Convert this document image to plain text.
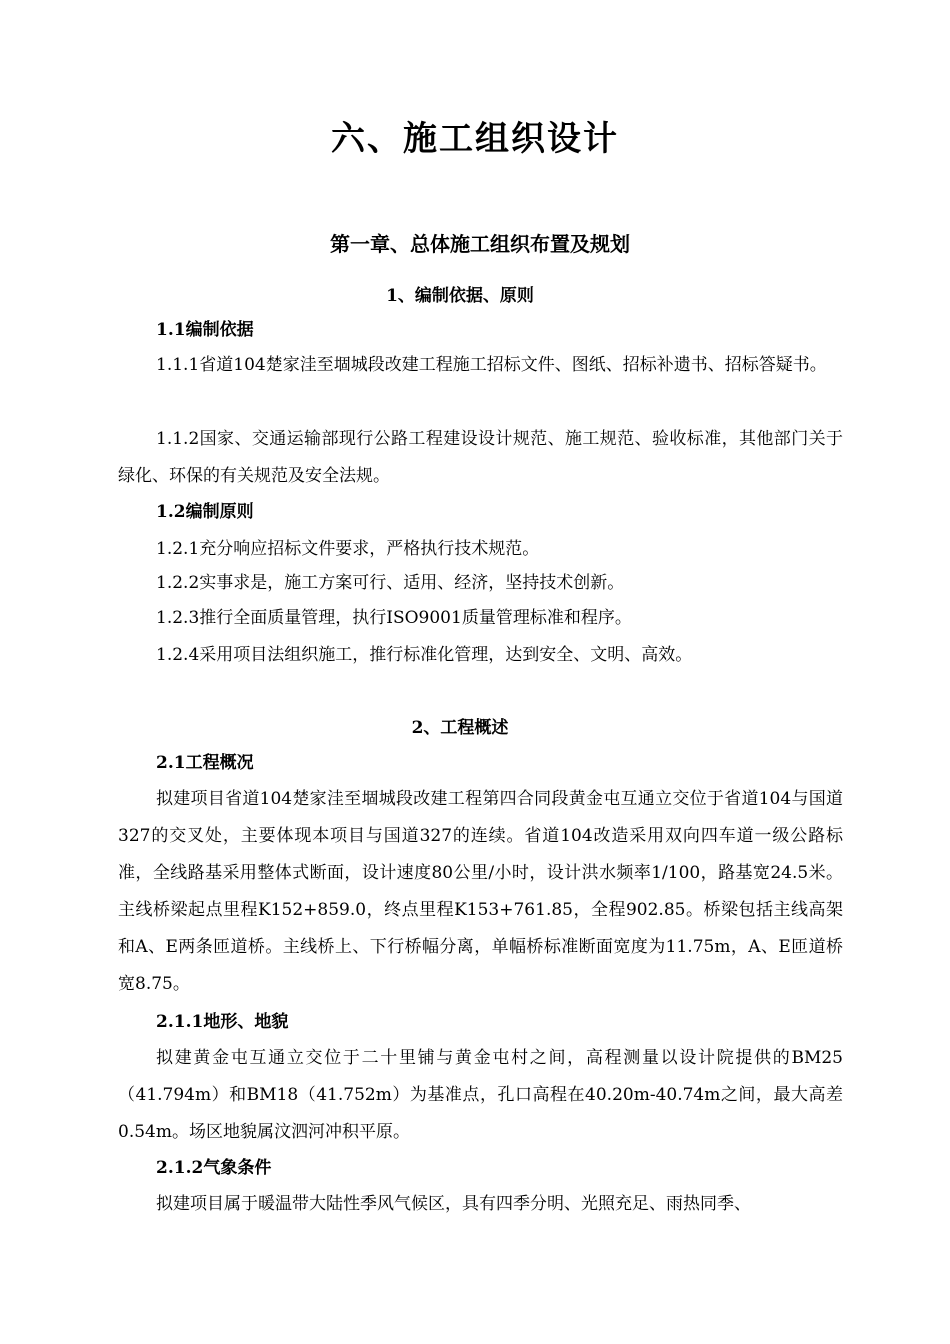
六、施工组织设计
第一章、总体施工组织布置及规划
1、编制依据、原则
1.1编制依据
1.1.1省道104楚家洼至堌城段改建工程施工招标文件、图纸、招标补遗书、招标答疑书。
1.1.2国家、交通运输部现行公路工程建设设计规范、施工规范、验收标准，其他部门关于绿化、环保的有关规范及安全法规。
1.2编制原则
1.2.1充分响应招标文件要求，严格执行技术规范。
1.2.2实事求是，施工方案可行、适用、经济，坚持技术创新。
1.2.3推行全面质量管理，执行ISO9001质量管理标准和程序。
1.2.4采用项目法组织施工，推行标准化管理，达到安全、文明、高效。
2、工程概述
2.1工程概况
拟建项目省道104楚家洼至堌城段改建工程第四合同段黄金屯互通立交位于省道104与国道327的交叉处，主要体现本项目与国道327的连续。省道104改造采用双向四车道一级公路标准，全线路基采用整体式断面，设计速度80公里/小时，设计洪水频率1/100，路基宽24.5米。主线桥梁起点里程K152+859.0，终点里程K153+761.85，全程902.85。桥梁包括主线高架和A、E两条匝道桥。主线桥上、下行桥幅分离，单幅桥标准断面宽度为11.75m，A、E匝道桥宽8.75。
2.1.1地形、地貌
拟建黄金屯互通立交位于二十里铺与黄金屯村之间，高程测量以设计院提供的BM25（41.794m）和BM18（41.752m）为基准点，孔口高程在40.20m-40.74m之间，最大高差0.54m。场区地貌属汶泗河冲积平原。
2.1.2气象条件
拟建项目属于暖温带大陆性季风气候区，具有四季分明、光照充足、雨热同季、
